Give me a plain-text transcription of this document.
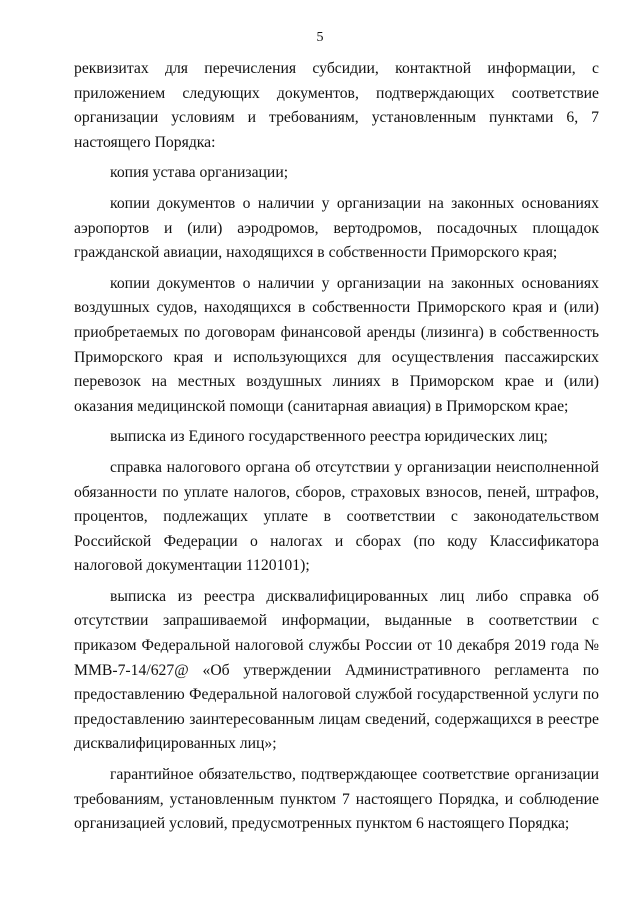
5

реквизитах для перечисления субсидии, контактной информации, с приложением следующих документов, подтверждающих соответствие организации условиям и требованиям, установленным пунктами 6, 7 настоящего Порядка:

копия устава организации;

копии документов о наличии у организации на законных основаниях аэропортов и (или) аэродромов, вертодромов, посадочных площадок гражданской авиации, находящихся в собственности Приморского края;

копии документов о наличии у организации на законных основаниях воздушных судов, находящихся в собственности Приморского края и (или) приобретаемых по договорам финансовой аренды (лизинга) в собственность Приморского края и использующихся для осуществления пассажирских перевозок на местных воздушных линиях в Приморском крае и (или) оказания медицинской помощи (санитарная авиация) в Приморском крае;

выписка из Единого государственного реестра юридических лиц;

справка налогового органа об отсутствии у организации неисполненной обязанности по уплате налогов, сборов, страховых взносов, пеней, штрафов, процентов, подлежащих уплате в соответствии с законодательством Российской Федерации о налогах и сборах (по коду Классификатора налоговой документации 1120101);

выписка из реестра дисквалифицированных лиц либо справка об отсутствии запрашиваемой информации, выданные в соответствии с приказом Федеральной налоговой службы России от 10 декабря 2019 года № ММВ-7-14/627@ «Об утверждении Административного регламента по предоставлению Федеральной налоговой службой государственной услуги по предоставлению заинтересованным лицам сведений, содержащихся в реестре дисквалифицированных лиц»;

гарантийное обязательство, подтверждающее соответствие организации требованиям, установленным пунктом 7 настоящего Порядка, и соблюдение организацией условий, предусмотренных пунктом 6 настоящего Порядка;
